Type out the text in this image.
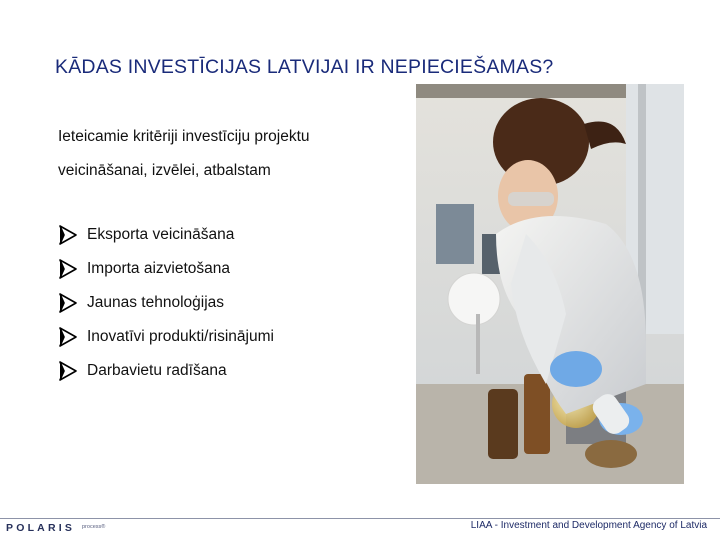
KĀDAS INVESTĪCIJAS LATVIJAI IR NEPIECIEŠAMAS?
Ieteicamie kritēriji investīciju projektu
veicināšanai, izvēlei, atbalstam
Eksporta veicināšana
Importa aizvietošana
Jaunas tehnoloģijas
Inovatīvi produkti/risinājumi
Darbavietu radīšana
POLARIS process®	LIAA - Investment and Development Agency of Latvia
